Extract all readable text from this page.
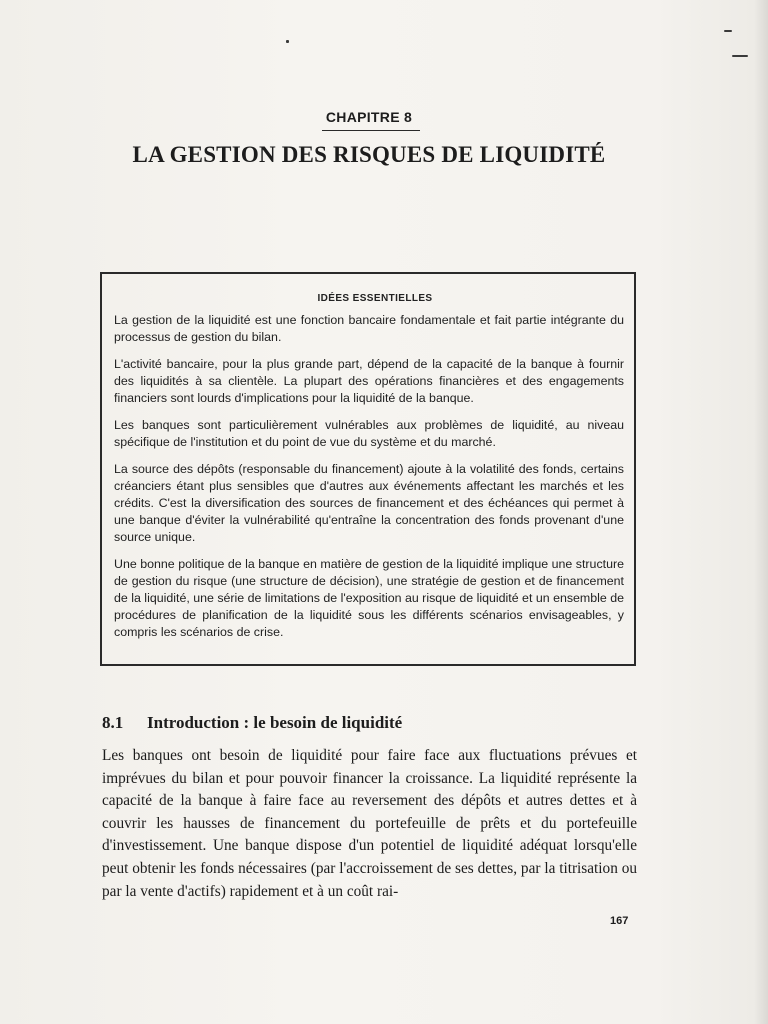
CHAPITRE 8
LA GESTION DES RISQUES DE LIQUIDITÉ
IDÉES ESSENTIELLES

La gestion de la liquidité est une fonction bancaire fondamentale et fait partie intégrante du processus de gestion du bilan.

L'activité bancaire, pour la plus grande part, dépend de la capacité de la banque à fournir des liquidités à sa clientèle. La plupart des opérations financières et des engagements financiers sont lourds d'implications pour la liquidité de la banque.

Les banques sont particulièrement vulnérables aux problèmes de liquidité, au niveau spécifique de l'institution et du point de vue du système et du marché.

La source des dépôts (responsable du financement) ajoute à la volatilité des fonds, certains créanciers étant plus sensibles que d'autres aux événements affectant les marchés et les crédits. C'est la diversification des sources de financement et des échéances qui permet à une banque d'éviter la vulnérabilité qu'entraîne la concentration des fonds provenant d'une source unique.

Une bonne politique de la banque en matière de gestion de la liquidité implique une structure de gestion du risque (une structure de décision), une stratégie de gestion et de financement de la liquidité, une série de limitations de l'exposition au risque de liquidité et un ensemble de procédures de planification de la liquidité sous les différents scénarios envisageables, y compris les scénarios de crise.

8.1 Introduction : le besoin de liquidité
Les banques ont besoin de liquidité pour faire face aux fluctuations prévues et imprévues du bilan et pour pouvoir financer la croissance. La liquidité représente la capacité de la banque à faire face au reversement des dépôts et autres dettes et à couvrir les hausses de financement du portefeuille de prêts et du portefeuille d'investissement. Une banque dispose d'un potentiel de liquidité adéquat lorsqu'elle peut obtenir les fonds nécessaires (par l'accroissement de ses dettes, par la titrisation ou par la vente d'actifs) rapidement et à un coût rai-
167
